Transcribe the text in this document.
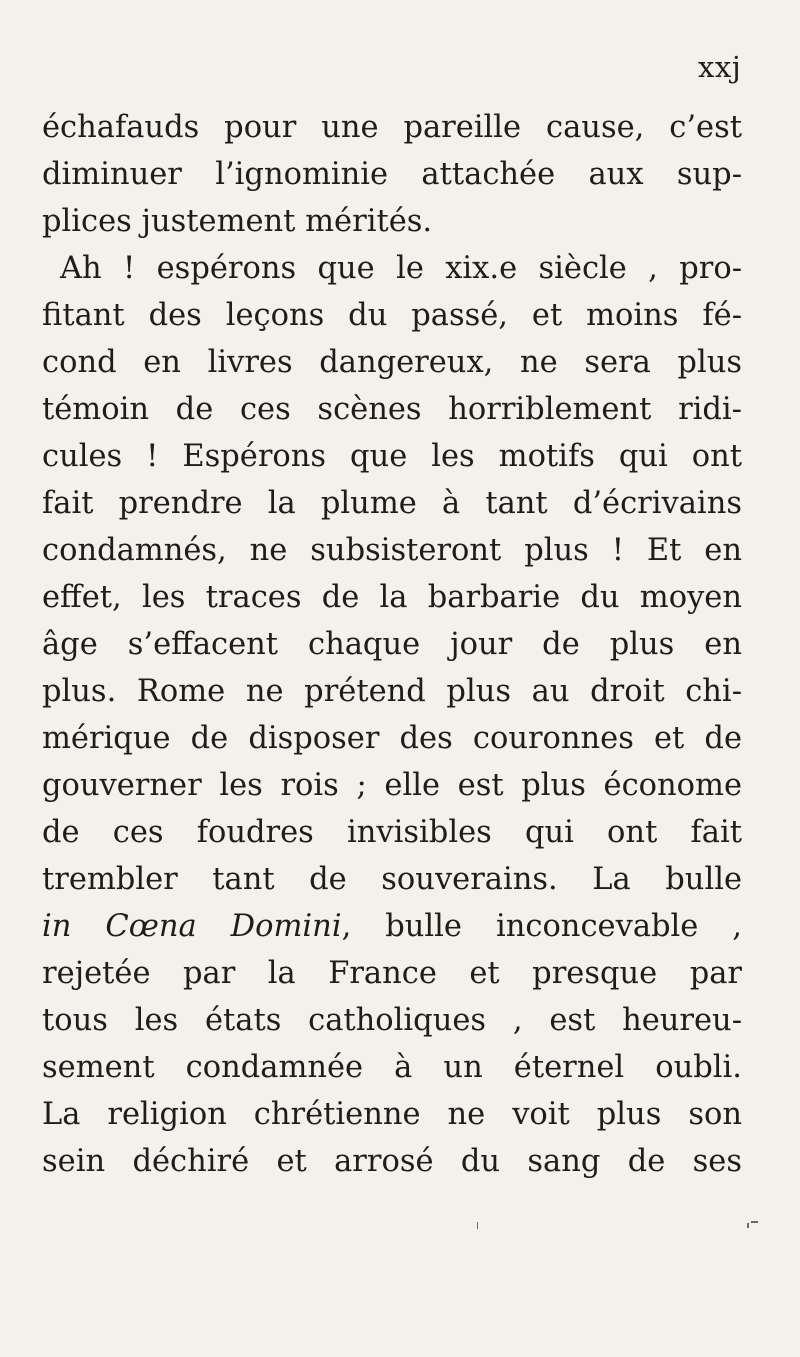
xxj
échafauds pour une pareille cause, c’est
diminuer l’ignominie attachée aux sup-
plices justement mérités.
Ah ! espérons que le xix.e siècle , pro-
fitant des leçons du passé, et moins fé-
cond en livres dangereux, ne sera plus
témoin de ces scènes horriblement ridi-
cules ! Espérons que les motifs qui ont
fait prendre la plume à tant d’écrivains
condamnés, ne subsisteront plus ! Et en
effet, les traces de la barbarie du moyen
âge s’effacent chaque jour de plus en
plus. Rome ne prétend plus au droit chi-
mérique de disposer des couronnes et de
gouverner les rois ; elle est plus économe
de ces foudres invisibles qui ont fait
trembler tant de souverains. La bulle
in Cœna Domini, bulle inconcevable ,
rejetée par la France et presque par
tous les états catholiques , est heureu-
sement condamnée à un éternel oubli.
La religion chrétienne ne voit plus son
sein déchiré et arrosé du sang de ses
